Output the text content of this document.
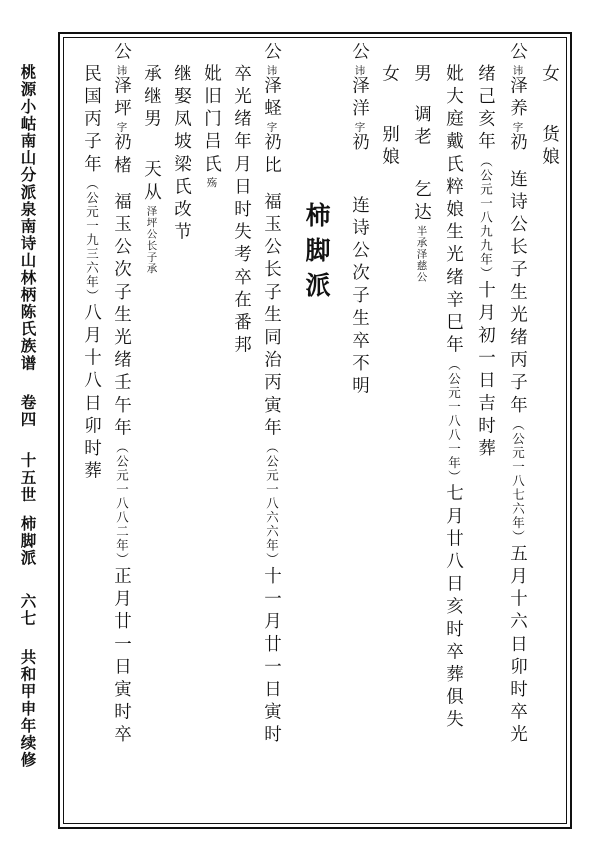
桃源小岵南山分派泉南诗山林柄陈氏族谱卷四十五世柿脚派六七共和甲申年续修
女货娘
公讳泽养字礽连诗公长子生光绪丙子年（公元一八七六年）五月十六日卯时卒光
绪己亥年（公元一八九九年）十月初一日吉时葬
妣大庭戴氏粹娘生光绪辛巳年（公元一八八一年）七月廿八日亥时卒葬俱失
男调老乞达半承泽慈公
女别娘
公讳泽洋字礽连诗公次子生卒不明
柿脚派
公讳泽蛏字礽比福玉公长子生同治丙寅年（公元一八六六年）十一月廿一日寅时
卒光绪年月日时失考卒在番邦
妣旧门吕氏殇
继娶凤坡梁氏改节
承继男天从泽坪公长子承
公讳泽坪字礽楮福玉公次子生光绪壬午年（公元一八八二年）正月廿一日寅时卒
民国丙子年（公元一九三六年）八月十八日卯时葬
